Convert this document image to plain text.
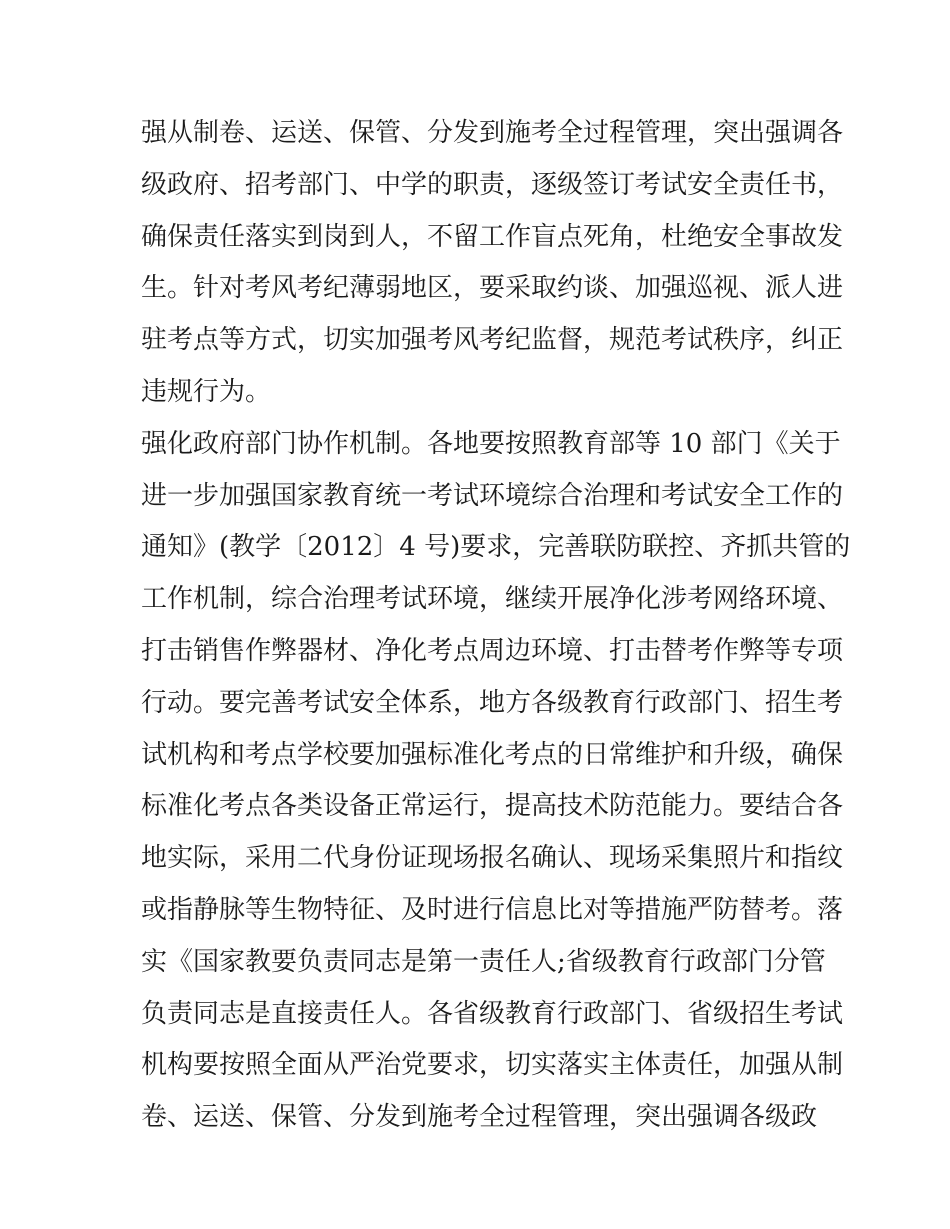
强从制卷、运送、保管、分发到施考全过程管理，突出强调各
级政府、招考部门、中学的职责，逐级签订考试安全责任书，
确保责任落实到岗到人，不留工作盲点死角，杜绝安全事故发
生。针对考风考纪薄弱地区，要采取约谈、加强巡视、派人进
驻考点等方式，切实加强考风考纪监督，规范考试秩序，纠正
违规行为。
强化政府部门协作机制。各地要按照教育部等 10 部门《关于
进一步加强国家教育统一考试环境综合治理和考试安全工作的
通知》(教学〔2012〕4 号)要求，完善联防联控、齐抓共管的
工作机制，综合治理考试环境，继续开展净化涉考网络环境、
打击销售作弊器材、净化考点周边环境、打击替考作弊等专项
行动。要完善考试安全体系，地方各级教育行政部门、招生考
试机构和考点学校要加强标准化考点的日常维护和升级，确保
标准化考点各类设备正常运行，提高技术防范能力。要结合各
地实际，采用二代身份证现场报名确认、现场采集照片和指纹
或指静脉等生物特征、及时进行信息比对等措施严防替考。落
实《国家教要负责同志是第一责任人;省级教育行政部门分管
负责同志是直接责任人。各省级教育行政部门、省级招生考试
机构要按照全面从严治党要求，切实落实主体责任，加强从制
卷、运送、保管、分发到施考全过程管理，突出强调各级政
